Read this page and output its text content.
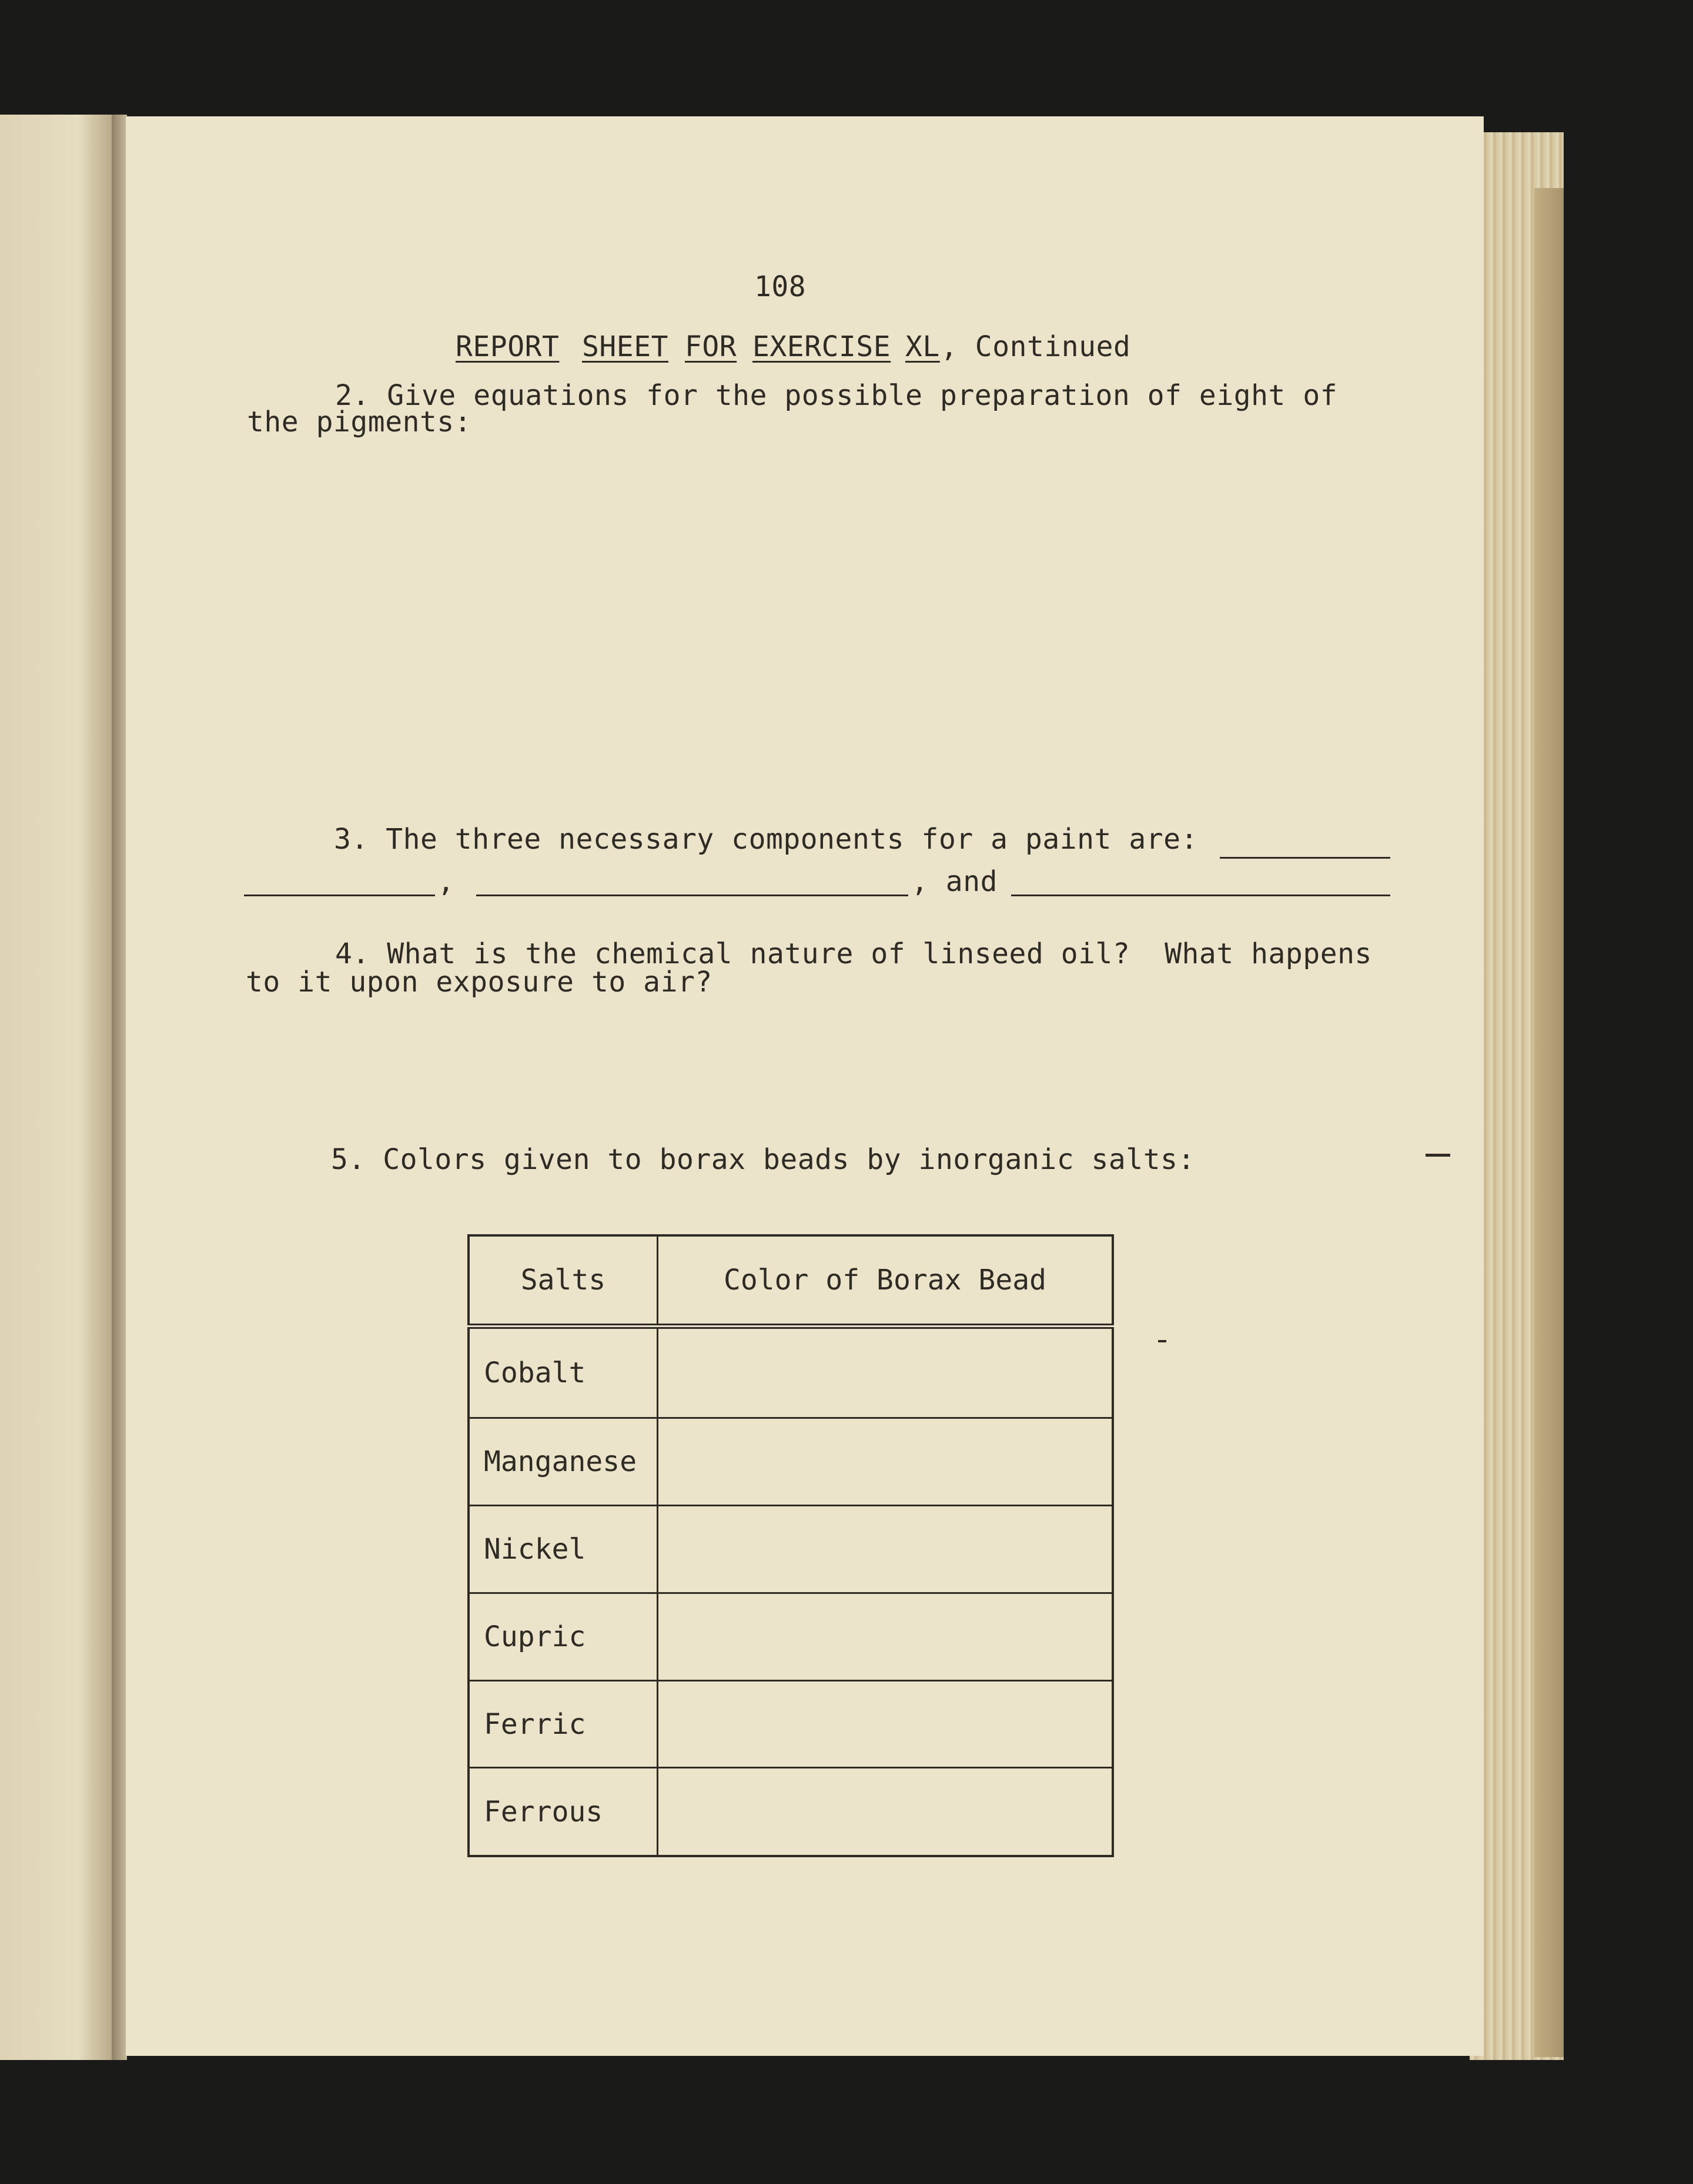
108
REPORT SHEET FOR EXERCISE XL , Continued
2. Give equations for the possible preparation of eight of
the pigments:
3. The three necessary components for a paint are:
,	, and
4. What is the chemical nature of linseed oil?  What happens
to it upon exposure to air?
5. Colors given to borax beads by inorganic salts:
Salts	Color of Borax Bead
Cobalt	
Manganese	
Nickel	
Cupric	
Ferric	
Ferrous	
